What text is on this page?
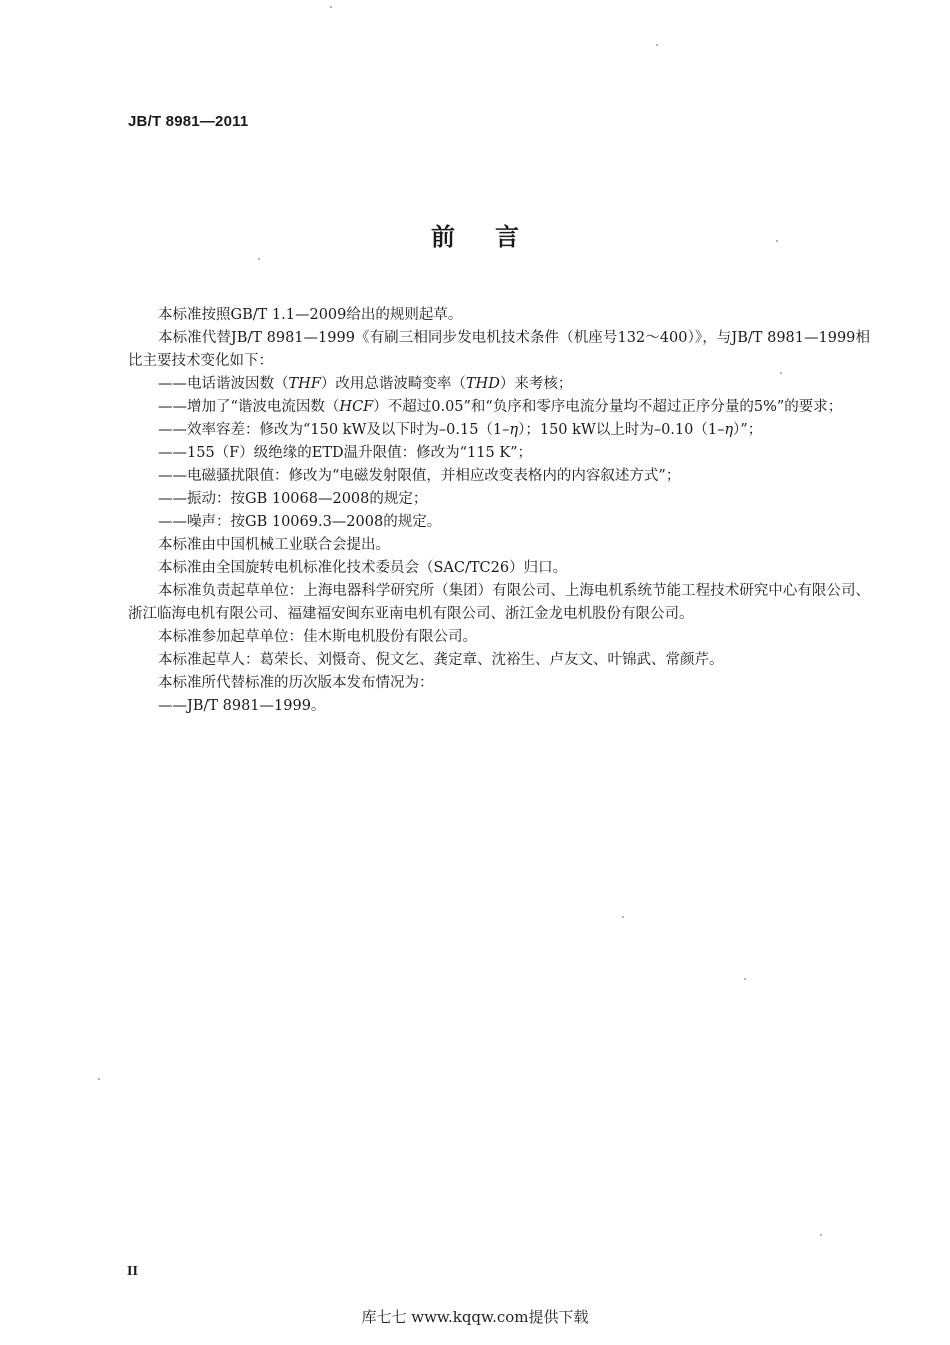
JB/T 8981—2011
前言

本标准按照GB/T 1.1—2009给出的规则起草。

本标准代替JB/T 8981—1999《有刷三相同步发电机技术条件（机座号132～400）》，与JB/T 8981—1999相比主要技术变化如下：

——电话谐波因数（THF）改用总谐波畸变率（THD）来考核；

——增加了“谐波电流因数（HCF）不超过0.05”和“负序和零序电流分量均不超过正序分量的5%”的要求；

——效率容差：修改为“150 kW及以下时为–0.15（1–η）；150 kW以上时为–0.10（1–η）”；

——155（F）级绝缘的ETD温升限值：修改为“115 K”；

——电磁骚扰限值：修改为“电磁发射限值，并相应改变表格内的内容叙述方式”；

——振动：按GB 10068—2008的规定；

——噪声：按GB 10069.3—2008的规定。

本标准由中国机械工业联合会提出。

本标准由全国旋转电机标准化技术委员会（SAC/TC26）归口。

本标准负责起草单位：上海电器科学研究所（集团）有限公司、上海电机系统节能工程技术研究中心有限公司、浙江临海电机有限公司、福建福安闽东亚南电机有限公司、浙江金龙电机股份有限公司。

本标准参加起草单位：佳木斯电机股份有限公司。

本标准起草人：葛荣长、刘慑奇、倪文乞、龚定章、沈裕生、卢友文、叶锦武、常颜芹。

本标准所代替标准的历次版本发布情况为：

——JB/T 8981—1999。

II
库七七 www.kqqw.com提供下载
